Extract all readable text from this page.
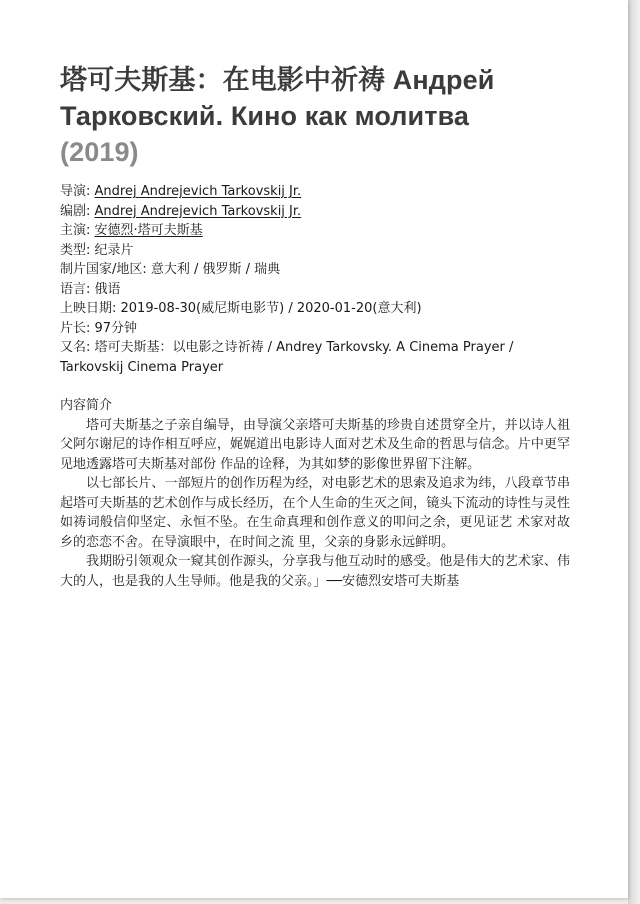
塔可夫斯基：在电影中祈祷 Андрей Тарковский. Кино как молитва
(2019)
导演: Andrej Andrejevich Tarkovskij Jr.
编剧: Andrej Andrejevich Tarkovskij Jr.
主演: 安德烈·塔可夫斯基
类型: 纪录片
制片国家/地区: 意大利 / 俄罗斯 / 瑞典
语言: 俄语
上映日期: 2019-08-30(威尼斯电影节) / 2020-01-20(意大利)
片长: 97分钟
又名: 塔可夫斯基：以电影之诗祈祷 / Andrey Tarkovsky. A Cinema Prayer / Tarkovskij Cinema Prayer
内容简介

塔可夫斯基之子亲自编导，由导演父亲塔可夫斯基的珍贵自述贯穿全片，并以诗人祖父阿尔谢尼的诗作相互呼应，娓娓道出电影诗人面对艺术及生命的哲思与信念。片中更罕见地透露塔可夫斯基对部份 作品的诠释，为其如梦的影像世界留下注解。

以七部长片、一部短片的创作历程为经，对电影艺术的思索及追求为纬，八段章节串起塔可夫斯基的艺术创作与成长经历，在个人生命的生灭之间，镜头下流动的诗性与灵性如祷词般信仰坚定、永恒不坠。在生命真理和创作意义的叩问之余，更见证艺 术家对故乡的恋恋不舍。在导演眼中，在时间之流 里，父亲的身影永远鲜明。

我期盼引领观众一窥其创作源头，分享我与他互动时的感受。他是伟大的艺术家、伟大的人，也是我的人生导师。他是我的父亲。」──安德烈安塔可夫斯基
